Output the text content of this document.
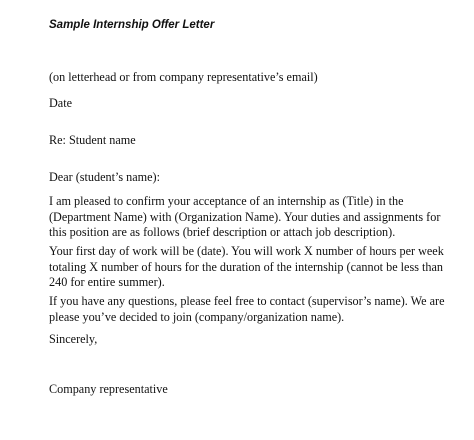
Sample Internship Offer Letter
(on letterhead or from company representative’s email)
Date
Re: Student name
Dear (student’s name):
I am pleased to confirm your acceptance of an internship as (Title) in the
(Department Name) with (Organization Name). Your duties and assignments for
this position are as follows (brief description or attach job description).
Your first day of work will be (date). You will work X number of hours per week
totaling X number of hours for the duration of the internship (cannot be less than
240 for entire summer).
If you have any questions, please feel free to contact (supervisor’s name). We are
please you’ve decided to join (company/organization name).
Sincerely,
Company representative
